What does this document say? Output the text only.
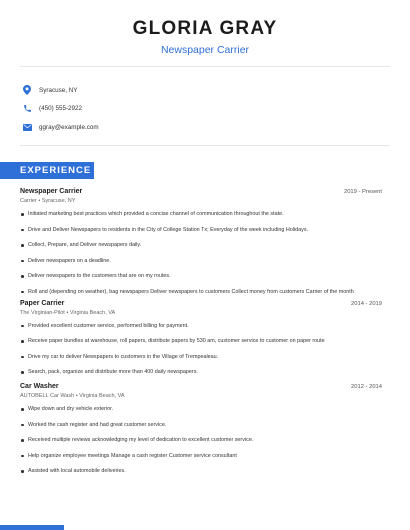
GLORIA GRAY
Newspaper Carrier
Syracuse, NY
(450) 555-2922
ggray@example.com
EXPERIENCE
Newspaper Carrier	2019 - Present
Carrier • Syracuse, NY
Initiated marketing best practices which provided a concise channel of communication throughout the state.
Drive and Deliver Newspapers to residents in the City of College Station Tx; Everyday of the week including Holidays.
Collect, Prepare, and Deliver newspapers daily.
Deliver newspapers on a deadline.
Deliver newspapers to the customers that are on my routes.
Roll and (depending on weather), bag newspapers Deliver newspapers to customers Collect money from customers Carrier of the month
Paper Carrier	2014 - 2019
The Virginian-Pilot • Virginia Beach, VA
Provided excellent customer service, performed billing for payment.
Receive paper bundles at warehouse, roll papers, distribute papers by 530 am, customer service to customer on paper route
Drive my car to deliver Newspapers to customers in the Village of Trempealeau.
Search, pack, organize and distribute more than 400 daily newspapers.
Car Washer	2012 - 2014
AUTOBELL Car Wash • Virginia Beach, VA
Wipe down and dry vehicle exterior.
Worked the cash register and had great customer service.
Received multiple reviews acknowledging my level of dedication to excellent customer service.
Help organize employee meetings Manage a cash register Customer service consultant
Assisted with local automobile deliveries.
